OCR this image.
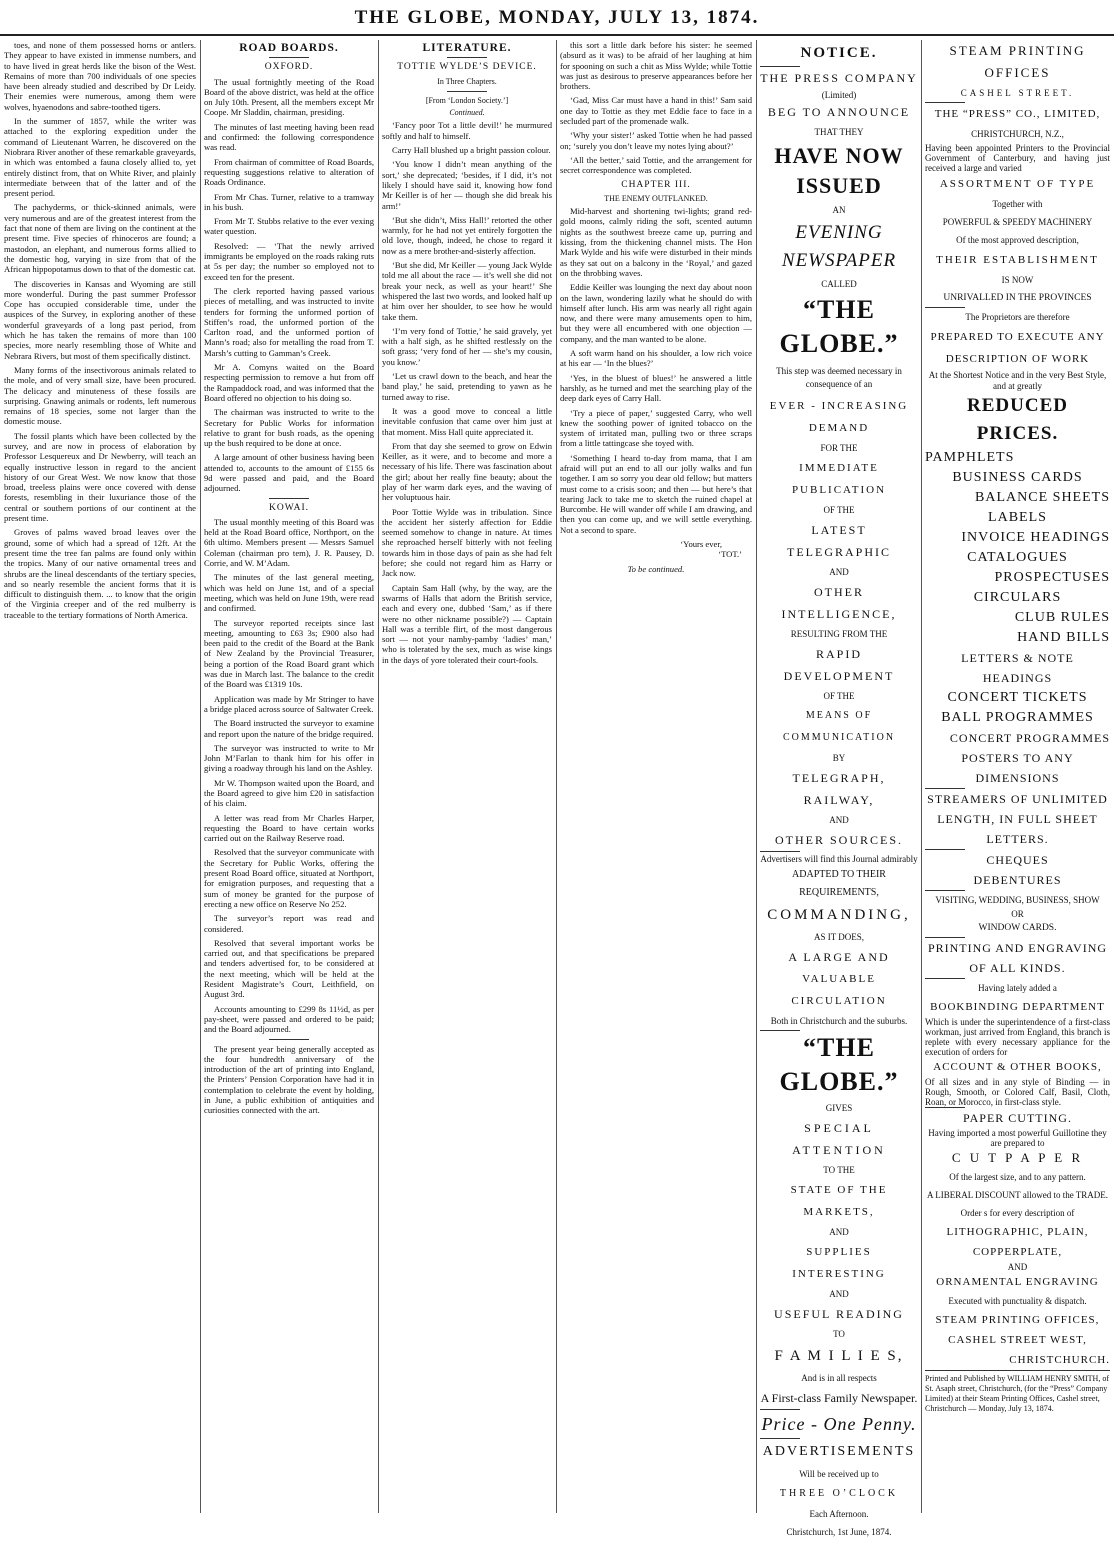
THE GLOBE, MONDAY, JULY 13, 1874.

toes, and none of them possessed horns or antlers. They appear to have existed in immense numbers, and to have lived in great herds like the bison of the West. Remains of more than 700 individuals of one species have been already studied and described by Dr Leidy. Their enemies were numerous, among them were wolves, hyaenodons and sabre-toothed tigers.

In the summer of 1857, while the writer was attached to the exploring expedition under the command of Lieutenant Warren, he discovered on the Niobrara River another of these remarkable graveyards, in which was entombed a fauna closely allied to, yet entirely distinct from, that on White River, and plainly intermediate between that of the latter and of the present period.

The pachyderms, or thick-skinned animals, were very numerous and are of the greatest interest from the fact that none of them are living on the continent at the present time. Five species of rhinoceros are found; a mastodon, an elephant, and numerous forms allied to the domestic hog, varying in size from that of the African hippopotamus down to that of the domestic cat.

The discoveries in Kansas and Wyoming are still more wonderful. During the past summer Professor Cope has occupied considerable time, under the auspices of the Survey, in exploring another of these wonderful graveyards of a long past period, from which he has taken the remains of more than 100 species, more nearly resembling those of White and Nebrara Rivers, but most of them specifically distinct.

Many forms of the insectivorous animals related to the mole, and of very small size, have been procured. The delicacy and minuteness of these fossils are surprising. Gnawing animals or rodents, left numerous remains of 18 species, some not larger than the domestic mouse.

The fossil plants which have been collected by the survey, and are now in process of elaboration by Professor Lesquereux and Dr Newberry, will teach an equally instructive lesson in regard to the ancient history of our Great West. We now know that those broad, treeless plains were once covered with dense forests, resembling in their luxuriance those of the central or southern portions of our continent at the present time.

Groves of palms waved broad leaves over the ground, some of which had a spread of 12ft. At the present time the tree fan palms are found only within the tropics. Many of our native ornamental trees and shrubs are the lineal descendants of the tertiary species, and so nearly resemble the ancient forms that it is difficult to distinguish them. ... to know that the origin of the Virginia creeper and of the red mulberry is traceable to the tertiary formations of North America.

ROAD BOARDS.
OXFORD.

The usual fortnightly meeting of the Road Board of the above district, was held at the office on July 10th. Present, all the members except Mr Coope. Mr Sladdin, chairman, presiding.

The minutes of last meeting having been read and confirmed: the following correspondence was read.

From chairman of committee of Road Boards, requesting suggestions relative to alteration of Roads Ordinance.

From Mr Chas. Turner, relative to a tramway in his bush.

From Mr T. Stubbs relative to the ever vexing water question.

Resolved: — ‘That the newly arrived immigrants be employed on the roads raking ruts at 5s per day; the number so employed not to exceed ten for the present.

The clerk reported having passed various pieces of metalling, and was instructed to invite tenders for forming the unformed portion of Stiffen’s road, the unformed portion of the Carlton road, and the unformed portion of Mann’s road; also for metalling the road from T. Marsh’s cutting to Gamman’s Creek.

Mr A. Comyns waited on the Board respecting permission to remove a hut from off the Rampaddock road, and was informed that the Board offered no objection to his doing so.

The chairman was instructed to write to the Secretary for Public Works for information relative to grant for bush roads, as the opening up the bush required to be done at once.

A large amount of other business having been attended to, accounts to the amount of £155 6s 9d were passed and paid, and the Board adjourned.

KOWAI.

The usual monthly meeting of this Board was held at the Road Board office, Northport, on the 6th ultimo. Members present — Messrs Samuel Coleman (chairman pro tem), J. R. Pausey, D. Corrie, and W. M’Adam.

The minutes of the last general meeting, which was held on June 1st, and of a special meeting, which was held on June 19th, were read and confirmed.

The surveyor reported receipts since last meeting, amounting to £63 3s; £900 also had been paid to the credit of the Board at the Bank of New Zealand by the Provincial Treasurer, being a portion of the Road Board grant which was due in March last. The balance to the credit of the Board was £1319 10s.

Application was made by Mr Stringer to have a bridge placed across source of Saltwater Creek.

The Board instructed the surveyor to examine and report upon the nature of the bridge required.

The surveyor was instructed to write to Mr John M’Farlan to thank him for his offer in giving a roadway through his land on the Ashley.

Mr W. Thompson waited upon the Board, and the Board agreed to give him £20 in satisfaction of his claim.

A letter was read from Mr Charles Harper, requesting the Board to have certain works carried out on the Railway Reserve road.

Resolved that the surveyor communicate with the Secretary for Public Works, offering the present Road Board office, situated at Northport, for emigration purposes, and requesting that a sum of money be granted for the purpose of erecting a new office on Reserve No 252.

The surveyor’s report was read and considered.

Resolved that several important works be carried out, and that specifications be prepared and tenders advertised for, to be considered at the next meeting, which will be held at the Resident Magistrate’s Court, Leithfield, on August 3rd.

Accounts amounting to £299 8s 11½d, as per pay-sheet, were passed and ordered to be paid; and the Board adjourned.

The present year being generally accepted as the four hundredth anniversary of the introduction of the art of printing into England, the Printers’ Pension Corporation have had it in contemplation to celebrate the event by holding, in June, a public exhibition of antiquities and curiosities connected with the art.

LITERATURE.
TOTTIE WYLDE’S DEVICE.
In Three Chapters.
[From ‘London Society.’]
Continued.

‘Fancy poor Tot a little devil!’ he murmured softly and half to himself.

Carry Hall blushed up a bright passion colour.

‘You know I didn’t mean anything of the sort,’ she deprecated; ‘besides, if I did, it’s not likely I should have said it, knowing how fond Mr Keiller is of her — though she did break his arm!’

‘But she didn’t, Miss Hall!’ retorted the other warmly, for he had not yet entirely forgotten the old love, though, indeed, he chose to regard it now as a mere brother-and-sisterly affection.

‘But she did, Mr Keiller — young Jack Wylde told me all about the race — it’s well she did not break your neck, as well as your heart!’ She whispered the last two words, and looked half up at him over her shoulder, to see how he would take them.

‘I’m very fond of Tottie,’ he said gravely, yet with a half sigh, as he shifted restlessly on the soft grass; ‘very fond of her — she’s my cousin, you know.’

‘Let us crawl down to the beach, and hear the band play,’ he said, pretending to yawn as he turned away to rise.

It was a good move to conceal a little inevitable confusion that came over him just at that moment. Miss Hall quite appreciated it.

From that day she seemed to grow on Edwin Keiller, as it were, and to become and more a necessary of his life. There was fascination about the girl; about her really fine beauty; about the play of her warm dark eyes, and the waving of her voluptuous hair.

Poor Tottie Wylde was in tribulation. Since the accident her sisterly affection for Eddie seemed somehow to change in nature. At times she reproached herself bitterly with not feeling towards him in those days of pain as she had felt before; she could not regard him as Harry or Jack now.

Captain Sam Hall (why, by the way, are the swarms of Halls that adorn the British service, each and every one, dubbed ‘Sam,’ as if there were no other nickname possible?) — Captain Hall was a terrible flirt, of the most dangerous sort — not your namby-pamby ‘ladies’ man,’ who is tolerated by the sex, much as wise kings in the days of yore tolerated their court-fools.

this sort a little dark before his sister: he seemed (absurd as it was) to be afraid of her laughing at him for spooning on such a chit as Miss Wylde; while Tottie was just as desirous to preserve appearances before her brothers.

‘Gad, Miss Car must have a hand in this!’ Sam said one day to Tottie as they met Eddie face to face in a secluded part of the promenade walk.

‘Why your sister!’ asked Tottie when he had passed on; ‘surely you don’t leave my notes lying about?’

‘All the better,’ said Tottie, and the arrangement for secret correspondence was completed.

CHAPTER III.
THE ENEMY OUTFLANKED.

Mid-harvest and shortening twi-lights; grand red-gold moons, calmly riding the soft, scented autumn nights as the southwest breeze came up, purring and kissing, from the thickening channel mists. The Hon Mark Wylde and his wife were disturbed in their minds as they sat out on a balcony in the ‘Royal,’ and gazed on the throbbing waves.

Eddie Keiller was lounging the next day about noon on the lawn, wondering lazily what he should do with himself after lunch. His arm was nearly all right again now, and there were many amusements open to him, but they were all encumbered with one objection — company, and the man wanted to be alone.

A soft warm hand on his shoulder, a low rich voice at his ear — ‘In the blues?’

‘Yes, in the bluest of blues!’ he answered a little harshly, as he turned and met the searching play of the deep dark eyes of Carry Hall.

‘Try a piece of paper,’ suggested Carry, who well knew the soothing power of ignited tobacco on the system of irritated man, pulling two or three scraps from a little tattingcase she toyed with.

‘Something I heard to-day from mama, that I am afraid will put an end to all our jolly walks and fun together. I am so sorry you dear old fellow; but matters must come to a crisis soon; and then — but here’s that tearing Jack to take me to sketch the ruined chapel at Burcombe. He will wander off while I am drawing, and then you can come up, and we will settle everything. Not a second to spare.

‘Yours ever,
‘TOT.’
To be continued.
NOTICE.
THE PRESS COMPANY
(Limited)
BEG TO ANNOUNCE
THAT THEY
HAVE NOW ISSUED
AN
EVENING NEWSPAPER
CALLED
“THE GLOBE.”
This step was deemed necessary in consequence of an
EVER - INCREASING DEMAND
FOR THE
IMMEDIATE PUBLICATION
OF THE
LATEST TELEGRAPHIC
AND
OTHER INTELLIGENCE,
RESULTING FROM THE
RAPID DEVELOPMENT
OF THE
MEANS OF COMMUNICATION
BY
TELEGRAPH,
RAILWAY,
AND
OTHER SOURCES.
Advertisers will find this Journal admirably
ADAPTED TO THEIR REQUIREMENTS,
COMMANDING,
AS IT DOES,
A LARGE AND
VALUABLE CIRCULATION
Both in Christchurch and the suburbs.
“THE GLOBE.”
GIVES
SPECIAL ATTENTION
TO THE
STATE OF THE MARKETS,
AND
SUPPLIES INTERESTING
AND
USEFUL READING
TO
F A M I L I E S,
And is in all respects
A First-class Family Newspaper.
Price - One Penny.
ADVERTISEMENTS
Will be received up to
THREE O’CLOCK
Each Afternoon.
Christchurch, 1st June, 1874.
STEAM PRINTING OFFICES
CASHEL STREET.
THE “PRESS” CO., LIMITED,
CHRISTCHURCH, N.Z.,
Having been appointed Printers to the Provincial Government of Canterbury, and having just received a large and varied
ASSORTMENT OF TYPE
Together with
POWERFUL & SPEEDY MACHINERY
Of the most approved description,
THEIR ESTABLISHMENT
IS NOW
UNRIVALLED IN THE PROVINCES
The Proprietors are therefore
PREPARED TO EXECUTE ANY
DESCRIPTION OF WORK
At the Shortest Notice and in the very Best Style, and at greatly
REDUCED PRICES.
PAMPHLETS
BUSINESS CARDS
BALANCE SHEETS
LABELS
INVOICE HEADINGS
CATALOGUES
PROSPECTUSES
CIRCULARS
CLUB RULES
HAND BILLS
LETTERS & NOTE HEADINGS
CONCERT TICKETS
BALL PROGRAMMES
CONCERT PROGRAMMES
POSTERS TO ANY DIMENSIONS
STREAMERS OF UNLIMITED
LENGTH, IN FULL SHEET
LETTERS.
CHEQUES
DEBENTURES
VISITING, WEDDING, BUSINESS, SHOW
OR
WINDOW CARDS.
PRINTING AND ENGRAVING
OF ALL KINDS.
Having lately added a
BOOKBINDING DEPARTMENT
Which is under the superintendence of a first-class workman, just arrived from England, this branch is replete with every necessary appliance for the execution of orders for
ACCOUNT & OTHER BOOKS,
Of all sizes and in any style of Binding — in Rough, Smooth, or Colored Calf, Basil, Cloth, Roan, or Morocco, in first-class style.
PAPER CUTTING.
Having imported a most powerful Guillotine they are prepared to
C U T P A P E R
Of the largest size, and to any pattern.
A LIBERAL DISCOUNT allowed to the TRADE.
Order s for every description of
LITHOGRAPHIC, PLAIN,
COPPERPLATE,
AND
ORNAMENTAL ENGRAVING
Executed with punctuality & dispatch.
STEAM PRINTING OFFICES,
CASHEL STREET WEST,
CHRISTCHURCH.
Printed and Published by WILLIAM HENRY SMITH, of St. Asaph street, Christchurch, (for the “Press” Company Limited) at their Steam Printing Offices, Cashel street, Christchurch — Monday, July 13, 1874.
